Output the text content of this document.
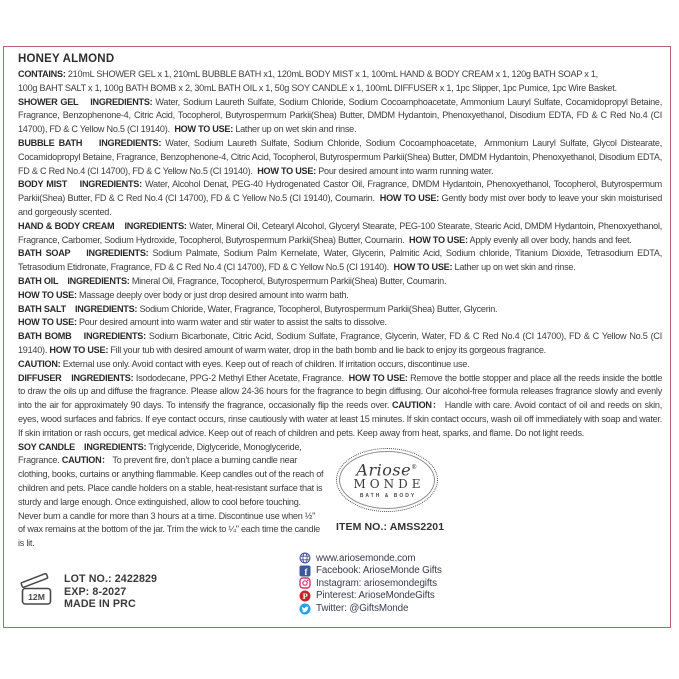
HONEY ALMOND

CONTAINS: 210mL SHOWER GEL x 1, 210mL BUBBLE BATH x1, 120mL BODY MIST x 1, 100mL HAND & BODY CREAM x 1, 120g BATH SOAP x 1,
100g BAHT SALT x 1, 100g BATH BOMB x 2, 30mL BATH OIL x 1, 50g SOY CANDLE x 1, 100mL DIFFUSER x 1, 1pc Slipper, 1pc Pumice, 1pc Wire Basket.

SHOWER GEL    INGREDIENTS: Water, Sodium Laureth Sulfate, Sodium Chloride, Sodium Cocoamphoacetate, Ammonium Lauryl Sulfate, Cocamidopropyl Betaine, Fragrance, Benzophenone-4, Citric Acid, Tocopherol, Butyrospermum Parkii(Shea) Butter, DMDM Hydantoin, Phenoxyethanol, Disodium EDTA, FD & C Red No.4 (CI 14700), FD & C Yellow No.5 (CI 19140).  HOW TO USE: Lather up on wet skin and rinse.

BUBBLE BATH    INGREDIENTS: Water, Sodium Laureth Sulfate, Sodium Chloride, Sodium Cocoamphoacetate,  Ammonium Lauryl Sulfate, Glycol Distearate, Cocamidopropyl Betaine, Fragrance, Benzophenone-4, Citric Acid, Tocopherol, Butyrospermum Parkii(Shea) Butter, DMDM Hydantoin, Phenoxyethanol, Disodium EDTA, FD & C Red No.4 (CI 14700), FD & C Yellow No.5 (CI 19140).  HOW TO USE: Pour desired amount into warm running water.

BODY MIST    INGREDIENTS: Water, Alcohol Denat, PEG-40 Hydrogenated Castor Oil, Fragrance, DMDM Hydantoin, Phenoxyethanol, Tocopherol, Butyrospermum Parkii(Shea) Butter, FD & C Red No.4 (CI 14700), FD & C Yellow No.5 (CI 19140), Coumarin.  HOW TO USE: Gently body mist over body to leave your skin moisturised and gorgeously scented.

HAND & BODY CREAM    INGREDIENTS: Water, Mineral Oil, Cetearyl Alcohol, Glyceryl Stearate, PEG-100 Stearate, Stearic Acid, DMDM Hydantoin, Phenoxyethanol, Fragrance, Carbomer, Sodium Hydroxide, Tocopherol, Butyrospermum Parkii(Shea) Butter, Coumarin.  HOW TO USE: Apply evenly all over body, hands and feet.

BATH SOAP    INGREDIENTS: Sodium Palmate, Sodium Palm Kernelate, Water, Glycerin, Palmitic Acid, Sodium chloride, Titanium Dioxide, Tetrasodium EDTA, Tetrasodium Etidronate, Fragrance, FD & C Red No.4 (CI 14700), FD & C Yellow No.5 (CI 19140).  HOW TO USE: Lather up on wet skin and rinse.

BATH OIL    INGREDIENTS: Mineral Oil, Fragrance, Tocopherol, Butyrospermum Parkii(Shea) Butter, Coumarin.

HOW TO USE: Massage deeply over body or just drop desired amount into warm bath.

BATH SALT    INGREDIENTS: Sodium Chloride, Water, Fragrance, Tocopherol, Butyrospermum Parkii(Shea) Butter, Glycerin.

HOW TO USE: Pour desired amount into warm water and stir water to assist the salts to dissolve.

BATH BOMB    INGREDIENTS: Sodium Bicarbonate, Citric Acid, Sodium Sulfate, Fragrance, Glycerin, Water, FD & C Red No.4 (CI 14700), FD & C Yellow No.5 (CI 19140). HOW TO USE: Fill your tub with desired amount of warm water, drop in the bath bomb and lie back to enjoy its gorgeous fragrance.

CAUTION: External use only. Avoid contact with eyes. Keep out of reach of children. If irritation occurs, discontinue use.

DIFFUSER    INGREDIENTS: Isododecane, PPG-2 Methyl Ether Acetate, Fragrance.  HOW TO USE: Remove the bottle stopper and place all the reeds inside the bottle to draw the oils up and diffuse the fragrance. Please allow 24-36 hours for the fragrance to begin diffusing. Our alcohol-free formula releases fragrance slowly and evenly into the air for approximately 90 days. To intensify the fragrance, occasionally flip the reeds over. CAUTION： Handle with care. Avoid contact of oil and reeds on skin, eyes, wood surfaces and fabrics. If eye contact occurs, rinse cautiously with water at least 15 minutes. If skin contact occurs, wash oil off immediately with soap and water. If skin irritation or rash occurs, get medical advice. Keep out of reach of children and pets. Keep away from heat, sparks, and flame. Do not light reeds.

SOY CANDLE    INGREDIENTS: Triglyceride, Diglyceride, Monoglyceride, Fragrance. CAUTION： To prevent fire, don’t place a burning candle near clothing, books, curtains or anything flammable. Keep candles out of the reach of children and pets. Place candle holders on a stable, heat-resistant surface that is sturdy and large enough. Once extinguished, allow to cool before touching. Never burn a candle for more than 3 hours at a time. Discontinue use when ½" of wax remains at the bottom of the jar. Trim the wick to ¼" each time the candle is lit.

Ariose®
MONDE
BATH & BODY
ITEM NO.: AMSS2201
12M
LOT NO.: 2422829
EXP: 8-2027
MADE IN PRC
www.ariosemonde.com
f Facebook: ArioseMonde Gifts
Instagram: ariosemondegifts
P Pinterest: ArioseMondeGifts
Twitter: @GiftsMonde
